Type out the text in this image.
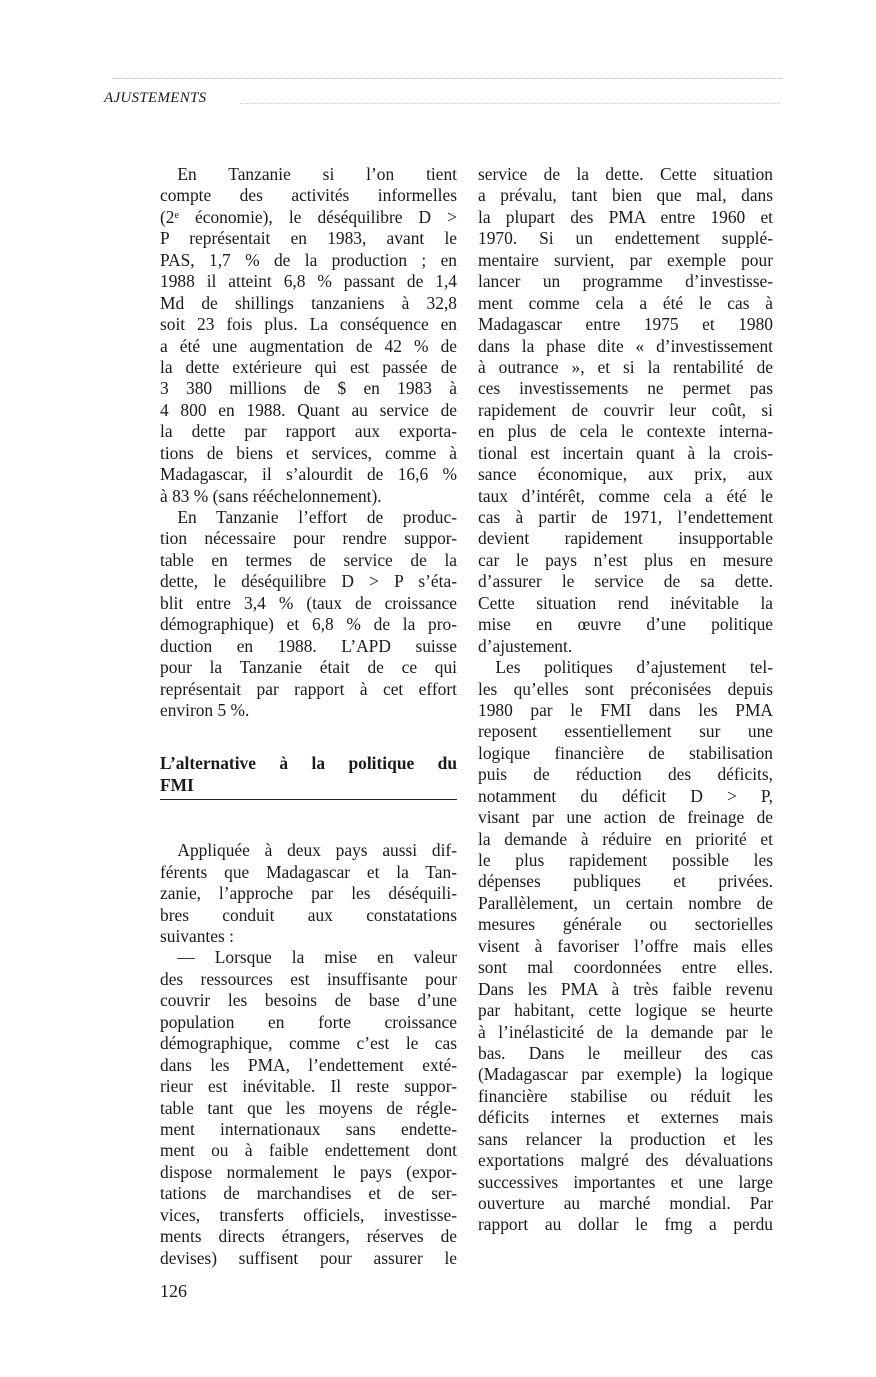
AJUSTEMENTS
 En Tanzanie si l’on tient
compte des activités informelles
(2ᵉ économie), le déséquilibre D >
P représentait en 1983, avant le
PAS, 1,7 % de la production ; en
1988 il atteint 6,8 % passant de 1,4
Md de shillings tanzaniens à 32,8
soit 23 fois plus. La conséquence en
a été une augmentation de 42 % de
la dette extérieure qui est passée de
3 380 millions de $ en 1983 à
4 800 en 1988. Quant au service de
la dette par rapport aux exporta-
tions de biens et services, comme à
Madagascar, il s’alourdit de 16,6 %
à 83 % (sans rééchelonnement).
 En Tanzanie l’effort de produc-
tion nécessaire pour rendre suppor-
table en termes de service de la
dette, le déséquilibre D > P s’éta-
blit entre 3,4 % (taux de croissance
démographique) et 6,8 % de la pro-
duction en 1988. L’APD suisse
pour la Tanzanie était de ce qui
représentait par rapport à cet effort
environ 5 %.
L’alternative à la politique du
FMI
 Appliquée à deux pays aussi dif-
férents que Madagascar et la Tan-
zanie, l’approche par les déséquili-
bres conduit aux constatations
suivantes :
 — Lorsque la mise en valeur
des ressources est insuffisante pour
couvrir les besoins de base d’une
population en forte croissance
démographique, comme c’est le cas
dans les PMA, l’endettement exté-
rieur est inévitable. Il reste suppor-
table tant que les moyens de régle-
ment internationaux sans endette-
ment ou à faible endettement dont
dispose normalement le pays (expor-
tations de marchandises et de ser-
vices, transferts officiels, investisse-
ments directs étrangers, réserves de
devises) suffisent pour assurer le
service de la dette. Cette situation
a prévalu, tant bien que mal, dans
la plupart des PMA entre 1960 et
1970. Si un endettement supplé-
mentaire survient, par exemple pour
lancer un programme d’investisse-
ment comme cela a été le cas à
Madagascar entre 1975 et 1980
dans la phase dite « d’investissement
à outrance », et si la rentabilité de
ces investissements ne permet pas
rapidement de couvrir leur coût, si
en plus de cela le contexte interna-
tional est incertain quant à la crois-
sance économique, aux prix, aux
taux d’intérêt, comme cela a été le
cas à partir de 1971, l’endettement
devient rapidement insupportable
car le pays n’est plus en mesure
d’assurer le service de sa dette.
Cette situation rend inévitable la
mise en œuvre d’une politique
d’ajustement.
 Les politiques d’ajustement tel-
les qu’elles sont préconisées depuis
1980 par le FMI dans les PMA
reposent essentiellement sur une
logique financière de stabilisation
puis de réduction des déficits,
notamment du déficit D > P,
visant par une action de freinage de
la demande à réduire en priorité et
le plus rapidement possible les
dépenses publiques et privées.
Parallèlement, un certain nombre de
mesures générale ou sectorielles
visent à favoriser l’offre mais elles
sont mal coordonnées entre elles.
Dans les PMA à très faible revenu
par habitant, cette logique se heurte
à l’inélasticité de la demande par le
bas. Dans le meilleur des cas
(Madagascar par exemple) la logique
financière stabilise ou réduit les
déficits internes et externes mais
sans relancer la production et les
exportations malgré des dévaluations
successives importantes et une large
ouverture au marché mondial. Par
rapport au dollar le fmg a perdu
126
